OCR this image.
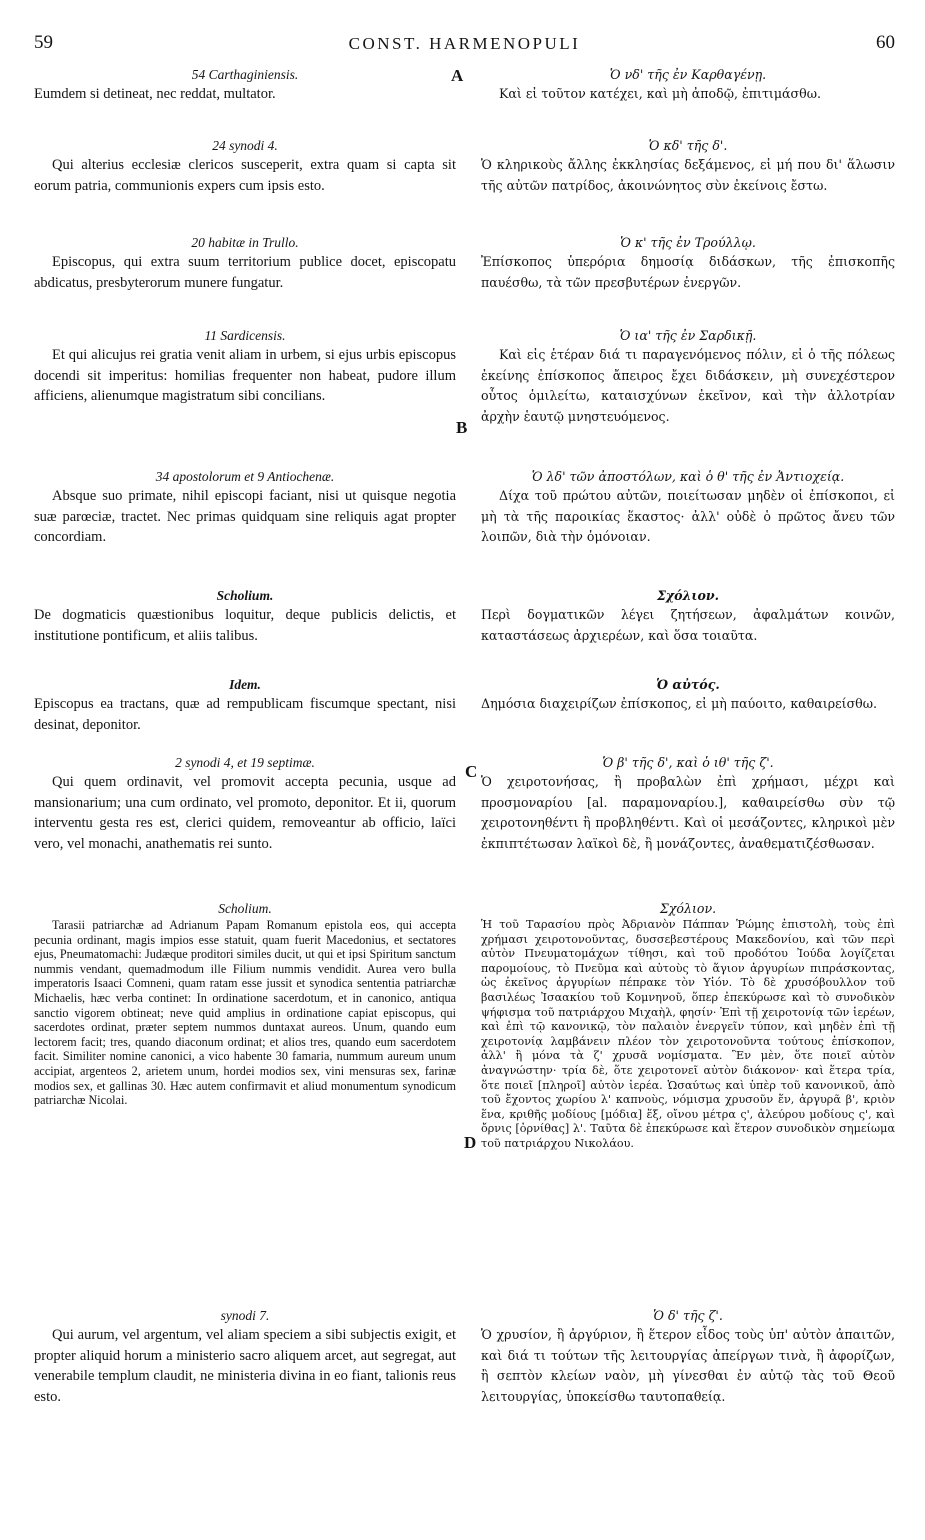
59	CONST. HARMENOPULI	60
A
B
C
D
54 Carthaginiensis.

Eumdem si detineat, nec reddat, multator.

24 synodi 4.

Qui alterius ecclesiæ clericos susceperit, extra quam si capta sit eorum patria, communionis expers cum ipsis esto.

20 habitæ in Trullo.

Episcopus, qui extra suum territorium publice docet, episcopatu abdicatus, presbyterorum munere fungatur.

11 Sardicensis.

Et qui alicujus rei gratia venit aliam in urbem, si ejus urbis episcopus docendi sit imperitus: homilias frequenter non habeat, pudore illum afficiens, alienumque magistratum sibi concilians.

34 apostolorum et 9 Antiochenæ.

Absque suo primate, nihil episcopi faciant, nisi ut quisque negotia suæ parœciæ, tractet. Nec primas quidquam sine reliquis agat propter concordiam.

Scholium.

De dogmaticis quæstionibus loquitur, deque publicis delictis, et institutione pontificum, et aliis talibus.

Idem.

Episcopus ea tractans, quæ ad rempublicam fiscumque spectant, nisi desinat, deponitor.

2 synodi 4, et 19 septimæ.

Qui quem ordinavit, vel promovit accepta pecunia, usque ad mansionarium; una cum ordinato, vel promoto, deponitor. Et ii, quorum interventu gesta res est, clerici quidem, removeantur ab officio, laïci vero, vel monachi, anathematis rei sunto.

Scholium.

Tarasii patriarchæ ad Adrianum Papam Romanum epistola eos, qui accepta pecunia ordinant, magis impios esse statuit, quam fuerit Macedonius, et sectatores ejus, Pneumatomachi: Judæque proditori similes ducit, ut qui et ipsi Spiritum sanctum nummis vendant, quemadmodum ille Filium nummis vendidit. Aurea vero bulla imperatoris Isaaci Comneni, quam ratam esse jussit et synodica sententia patriarchæ Michaelis, hæc verba continet: In ordinatione sacerdotum, et in canonico, antiqua sanctio vigorem obtineat; neve quid amplius in ordinatione capiat episcopus, qui sacerdotes ordinat, præter septem nummos duntaxat aureos. Unum, quando eum lectorem facit; tres, quando diaconum ordinat; et alios tres, quando eum sacerdotem facit. Similiter nomine canonici, a vico habente 30 famaria, nummum aureum unum accipiat, argenteos 2, arietem unum, hordei modios sex, vini mensuras sex, farinæ modios sex, et gallinas 30. Hæc autem confirmavit et aliud monumentum synodicum patriarchæ Nicolai.

synodi 7.

Qui aurum, vel argentum, vel aliam speciem a sibi subjectis exigit, et propter aliquid horum a ministerio sacro aliquem arcet, aut segregat, aut venerabile templum claudit, ne ministeria divina in eo fiant, talionis reus esto.

Ὁ νδ' τῆς ἐν Καρθαγένῃ.

Καὶ εἰ τοῦτον κατέχει, καὶ μὴ ἀποδῷ, ἐπιτιμάσθω.

Ὁ κδ' τῆς δ'.

Ὁ κληρικοὺς ἄλλης ἐκκλησίας δεξάμενος, εἰ μή που δι' ἅλωσιν τῆς αὐτῶν πατρίδος, ἀκοινώνητος σὺν ἐκείνοις ἔστω.

Ὁ κ' τῆς ἐν Τρούλλῳ.

Ἐπίσκοπος ὑπερόρια δημοσίᾳ διδάσκων, τῆς ἐπισκοπῆς παυέσθω, τὰ τῶν πρεσβυτέρων ἐνεργῶν.

Ὁ ια' τῆς ἐν Σαρδικῇ.

Καὶ εἰς ἑτέραν διά τι παραγενόμενος πόλιν, εἰ ὁ τῆς πόλεως ἐκείνης ἐπίσκοπος ἄπειρος ἔχει διδάσκειν, μὴ συνεχέστερον οὗτος ὁμιλείτω, καταισχύνων ἐκεῖνον, καὶ τὴν ἀλλοτρίαν ἀρχὴν ἑαυτῷ μνηστευόμενος.

Ὁ λδ' τῶν ἀποστόλων, καὶ ὁ θ' τῆς ἐν Ἀντιοχείᾳ.

Δίχα τοῦ πρώτου αὐτῶν, ποιείτωσαν μηδὲν οἱ ἐπίσκοποι, εἰ μὴ τὰ τῆς παροικίας ἕκαστος· ἀλλ' οὐδὲ ὁ πρῶτος ἄνευ τῶν λοιπῶν, διὰ τὴν ὁμόνοιαν.

Σχόλιον.

Περὶ δογματικῶν λέγει ζητήσεων, ἀφαλμάτων κοινῶν, καταστάσεως ἀρχιερέων, καὶ ὅσα τοιαῦτα.

Ὁ αὐτός.

Δημόσια διαχειρίζων ἐπίσκοπος, εἰ μὴ παύοιτο, καθαιρείσθω.

Ὁ β' τῆς δ', καὶ ὁ ιθ' τῆς ζ'.

Ὁ χειροτονήσας, ἢ προβαλὼν ἐπὶ χρήμασι, μέχρι καὶ προσμοναρίου [al. παραμοναρίου.], καθαιρείσθω σὺν τῷ χειροτονηθέντι ἢ προβληθέντι. Καὶ οἱ μεσάζοντες, κληρικοὶ μὲν ἐκπιπτέτωσαν λαϊκοὶ δὲ, ἢ μονάζοντες, ἀναθεματιζέσθωσαν.

Σχόλιον.

Ἡ τοῦ Ταρασίου πρὸς Ἀδριανὸν Πάππαν Ῥώμης ἐπιστολὴ, τοὺς ἐπὶ χρήμασι χειροτονοῦντας, δυσσεβεστέρους Μακεδονίου, καὶ τῶν περὶ αὐτὸν Πνευματομάχων τίθησι, καὶ τοῦ προδότου Ἰούδα λογίζεται παρομοίους, τὸ Πνεῦμα καὶ αὐτοὺς τὸ ἅγιον ἀργυρίων πιπράσκοντας, ὡς ἐκεῖνος ἀργυρίων πέπρακε τὸν Υἱόν. Τὸ δὲ χρυσόβουλλον τοῦ βασιλέως Ἰσαακίου τοῦ Κομνηνοῦ, ὅπερ ἐπεκύρωσε καὶ τὸ συνοδικὸν ψήφισμα τοῦ πατριάρχου Μιχαὴλ, φησίν· Ἐπὶ τῇ χειροτονίᾳ τῶν ἱερέων, καὶ ἐπὶ τῷ κανονικῷ, τὸν παλαιὸν ἐνεργεῖν τύπον, καὶ μηδὲν ἐπὶ τῇ χειροτονίᾳ λαμβάνειν πλέον τὸν χειροτονοῦντα τούτους ἐπίσκοπον, ἀλλ' ἢ μόνα τὰ ζ' χρυσᾶ νομίσματα. Ἓν μὲν, ὅτε ποιεῖ αὐτὸν ἀναγνώστην· τρία δὲ, ὅτε χειροτονεῖ αὐτὸν διάκονον· καὶ ἕτερα τρία, ὅτε ποιεῖ [πληροῖ] αὐτὸν ἱερέα. Ὡσαύτως καὶ ὑπὲρ τοῦ κανονικοῦ, ἀπὸ τοῦ ἔχοντος χωρίου λ' καπνοὺς, νόμισμα χρυσοῦν ἕν, ἀργυρᾶ β', κριὸν ἕνα, κριθῆς μοδίους [μόδια] ἕξ, οἴνου μέτρα ς', ἀλεύρου μοδίους ς', καὶ ὄρνις [ὀρνίθας] λ'. Ταῦτα δὲ ἐπεκύρωσε καὶ ἕτερον συνοδικὸν σημείωμα τοῦ πατριάρχου Νικολάου.

Ὁ δ' τῆς ζ'.

Ὁ χρυσίον, ἢ ἀργύριον, ἢ ἕτερον εἶδος τοὺς ὑπ' αὐτὸν ἀπαιτῶν, καὶ διά τι τούτων τῆς λειτουργίας ἀπείργων τινὰ, ἢ ἀφορίζων, ἢ σεπτὸν κλείων ναὸν, μὴ γίνεσθαι ἐν αὐτῷ τὰς τοῦ Θεοῦ λειτουργίας, ὑποκείσθω ταυτοπαθείᾳ.
